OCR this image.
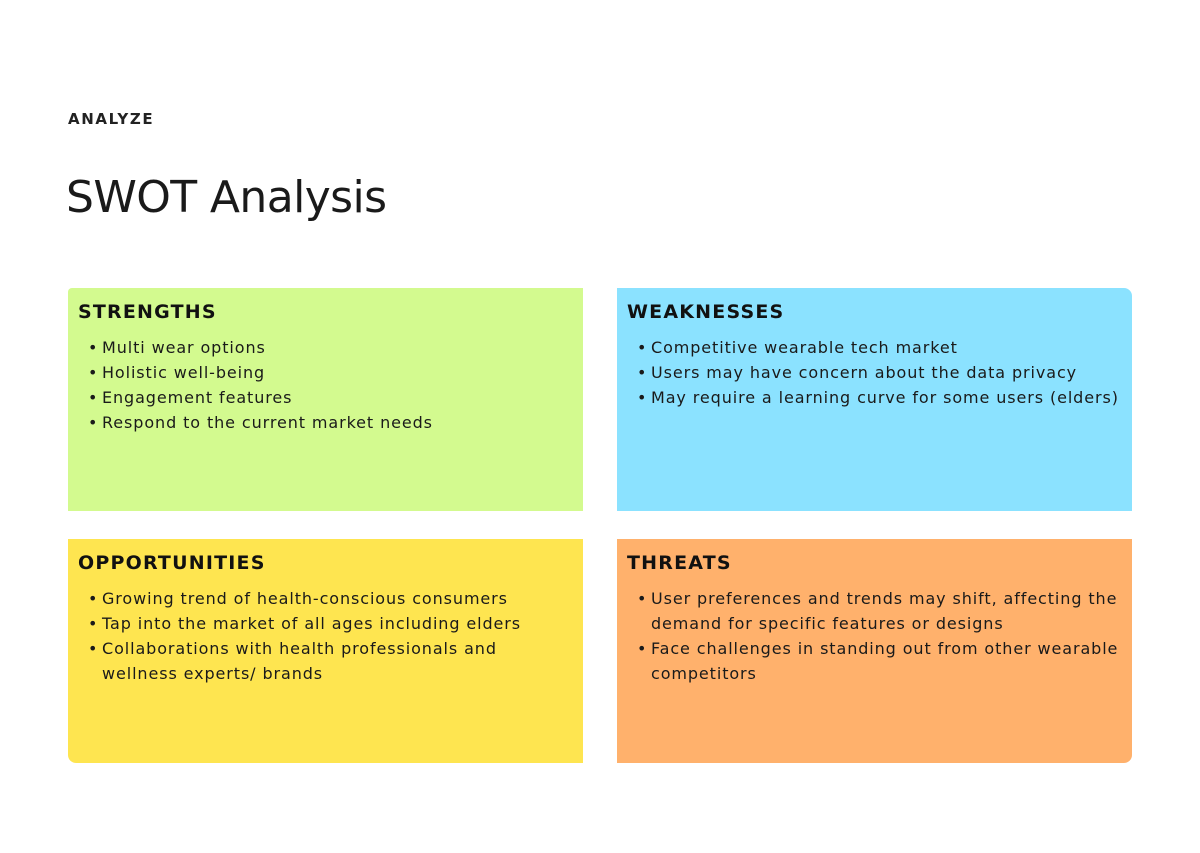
ANALYZE

SWOT Analysis
STRENGTHS
• Multi wear options
• Holistic well-being
• Engagement features
• Respond to the current market needs
WEAKNESSES
• Competitive wearable tech market
• Users may have concern about the data privacy
• May require a learning curve for some users (elders)
OPPORTUNITIES
• Growing trend of health-conscious consumers
• Tap into the market of all ages including elders
• Collaborations with health professionals and wellness experts/ brands
THREATS
• User preferences and trends may shift, affecting the demand for specific features or designs
• Face challenges in standing out from other wearable competitors
